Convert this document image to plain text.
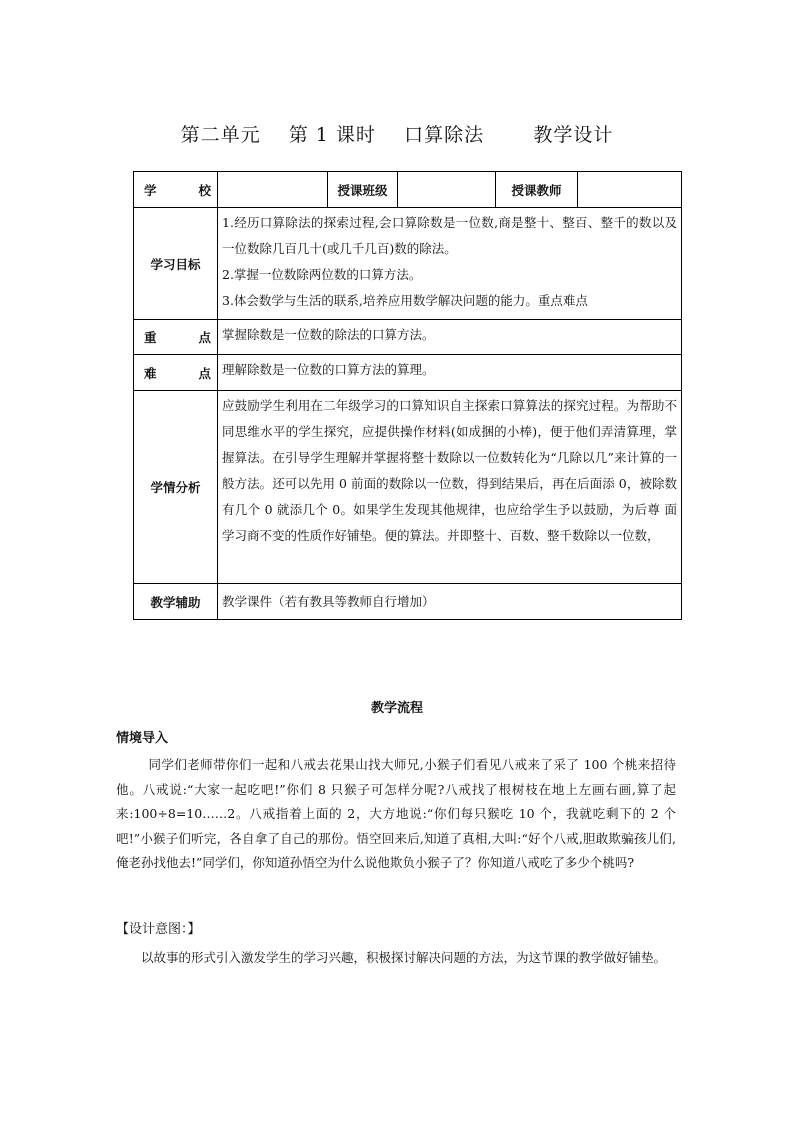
第二单元    第 1 课时    口算除法       教学设计
学 校		授课班级		授课教师	
学习目标	1.经历口算除法的探索过程,会口算除数是一位数,商是整十、整百、整千的数以及一位数除几百几十(或几千几百)数的除法。
2.掌握一位数除两位数的口算方法。
3.体会数学与生活的联系,培养应用数学解决问题的能力。重点难点				

重 点	掌握除数是一位数的除法的口算方法。				
难 点	理解除数是一位数的口算方法的算理。				
学情分析	应鼓励学生利用在二年级学习的口算知识自主探索口算算法的探究过程。为帮助不同思维水平的学生探究，应提供操作材料(如成捆的小棒)，便于他们弄清算理，掌握算法。在引导学生理解并掌握将整十数除以一位数转化为“几除以几”来计算的一般方法。还可以先用 0 前面的数除以一位数，得到结果后，再在后面添 0，被除数有几个 0 就添几个 0。如果学生发现其他规律，也应给学生予以鼓励，为后尊 面学习商不变的性质作好铺垫。便的算法。并即整十、百数、整千数除以一位数，				
教学辅助	教学课件（若有教具等教师自行增加）				
教学流程
情境导入
同学们老师带你们一起和八戒去花果山找大师兄,小猴子们看见八戒来了采了 100 个桃来招待他。八戒说:“大家一起吃吧!”你们 8 只猴子可怎样分呢?八戒找了根树枝在地上左画右画,算了起来:100÷8=10……2。八戒指着上面的 2，大方地说:“你们每只猴吃 10 个，我就吃剩下的 2 个吧!”小猴子们听完，各自拿了自己的那份。悟空回来后,知道了真相,大叫:“好个八戒,胆敢欺骗孩儿们,俺老孙找他去!”同学们，你知道孙悟空为什么说他欺负小猴子了？你知道八戒吃了多少个桃吗?
【设计意图：】
以故事的形式引入激发学生的学习兴趣，积极探讨解决问题的方法，为这节课的教学做好铺垫。
